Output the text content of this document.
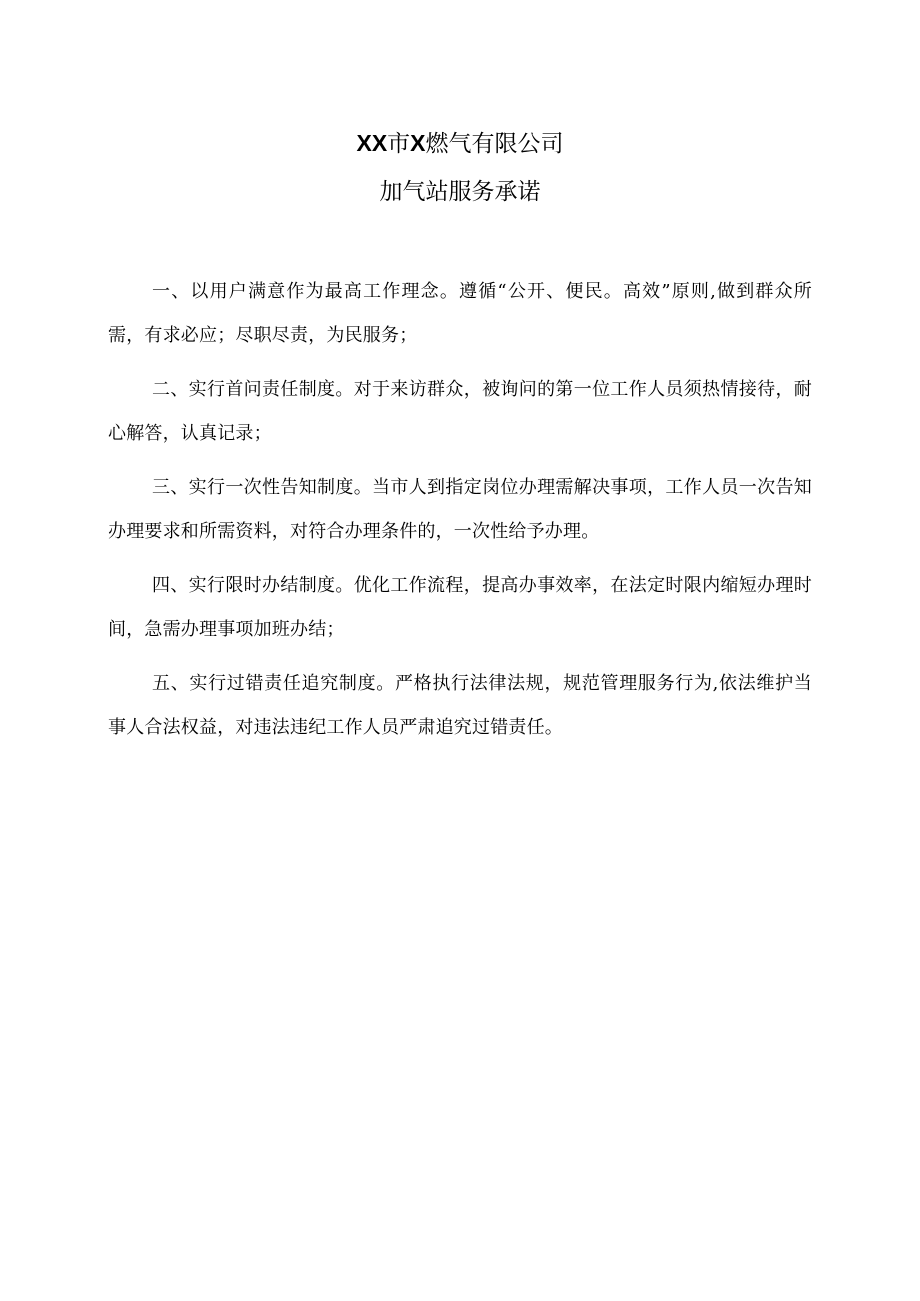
XX市X燃气有限公司
加气站服务承诺

一、以用户满意作为最高工作理念。遵循“公开、便民。高效”原则,做到群众所需，有求必应；尽职尽责，为民服务；

二、实行首问责任制度。对于来访群众，被询问的第一位工作人员须热情接待，耐心解答，认真记录；

三、实行一次性告知制度。当市人到指定岗位办理需解决事项，工作人员一次告知办理要求和所需资料，对符合办理条件的，一次性给予办理。

四、实行限时办结制度。优化工作流程，提高办事效率，在法定时限内缩短办理时间，急需办理事项加班办结；

五、实行过错责任追究制度。严格执行法律法规，规范管理服务行为,依法维护当事人合法权益，对违法违纪工作人员严肃追究过错责任。
